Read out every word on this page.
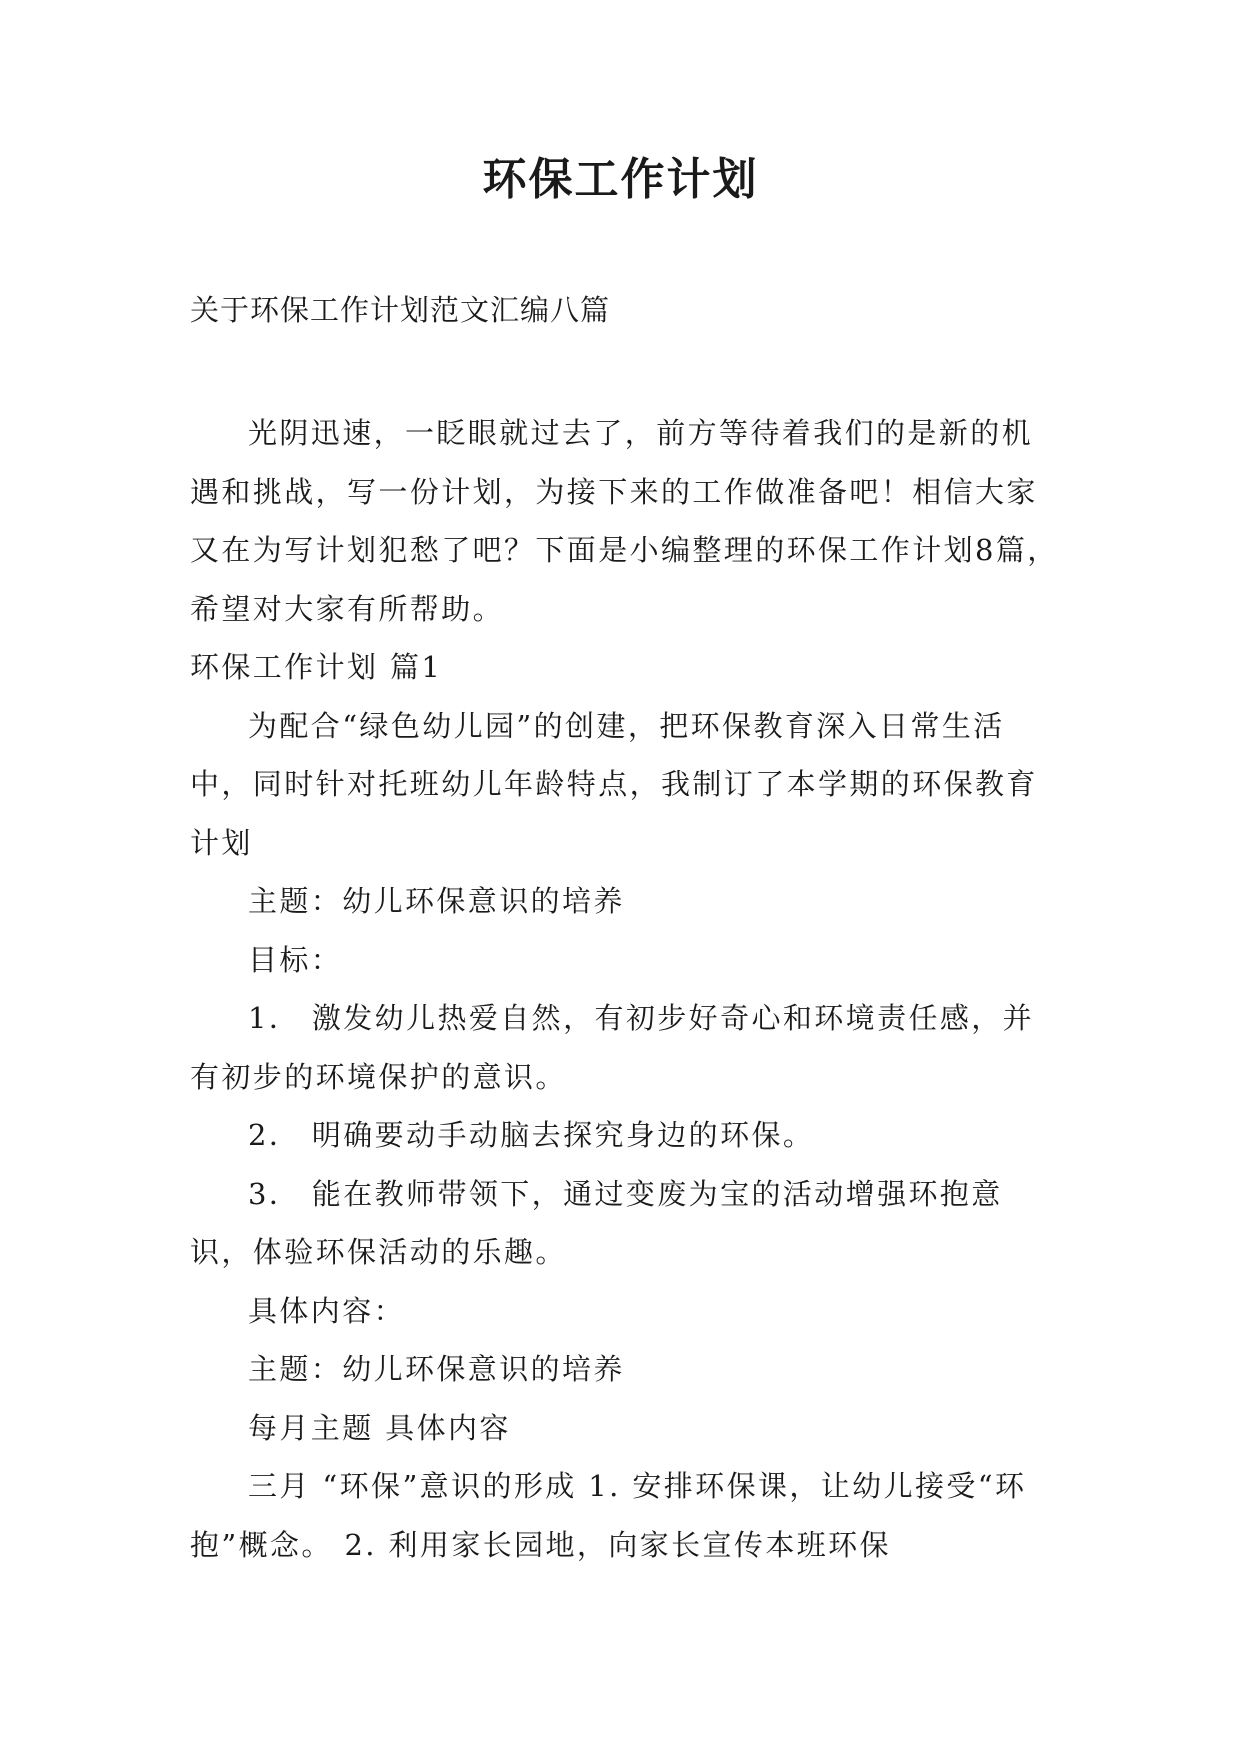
环保工作计划
关于环保工作计划范文汇编八篇

光阴迅速，一眨眼就过去了，前方等待着我们的是新的机遇和挑战，写一份计划，为接下来的工作做准备吧！相信大家又在为写计划犯愁了吧？下面是小编整理的环保工作计划8篇，希望对大家有所帮助。

环保工作计划 篇1

为配合“绿色幼儿园”的创建，把环保教育深入日常生活中，同时针对托班幼儿年龄特点，我制订了本学期的环保教育计划

主题：幼儿环保意识的培养

目标：

1． 激发幼儿热爱自然，有初步好奇心和环境责任感，并有初步的环境保护的意识。

2． 明确要动手动脑去探究身边的环保。

3． 能在教师带领下，通过变废为宝的活动增强环抱意识，体验环保活动的乐趣。

具体内容：

主题：幼儿环保意识的培养

每月主题 具体内容

三月 “环保”意识的形成 1. 安排环保课，让幼儿接受“环抱”概念。 2. 利用家长园地，向家长宣传本班环保
